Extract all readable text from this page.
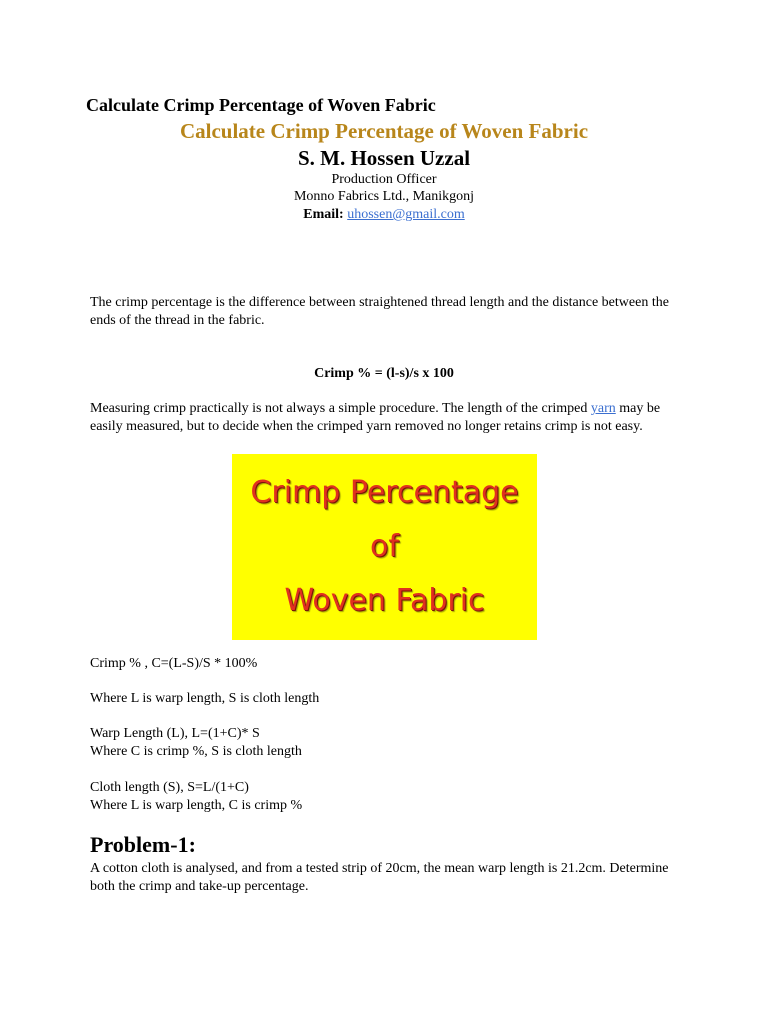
Calculate Crimp Percentage of Woven Fabric
Calculate Crimp Percentage of Woven Fabric
S. M. Hossen Uzzal
Production Officer
Monno Fabrics Ltd., Manikgonj
Email: uhossen@gmail.com

The crimp percentage is the difference between straightened thread length and the distance between the ends of the thread in the fabric.

Crimp % = (l-s)/s x 100

Measuring crimp practically is not always a simple procedure. The length of the crimped yarn may be easily measured, but to decide when the crimped yarn removed no longer retains crimp is not easy.

Crimp Percentage
of
Woven Fabric

Crimp % , C=(L-S)/S * 100%

Where L is warp length, S is cloth length

Warp Length (L), L=(1+C)* S

Where C is crimp %, S is cloth length

Cloth length (S), S=L/(1+C)

Where L is warp length, C is crimp %

Problem-1:

A cotton cloth is analysed, and from a tested strip of 20cm, the mean warp length is 21.2cm. Determine both the crimp and take-up percentage.
